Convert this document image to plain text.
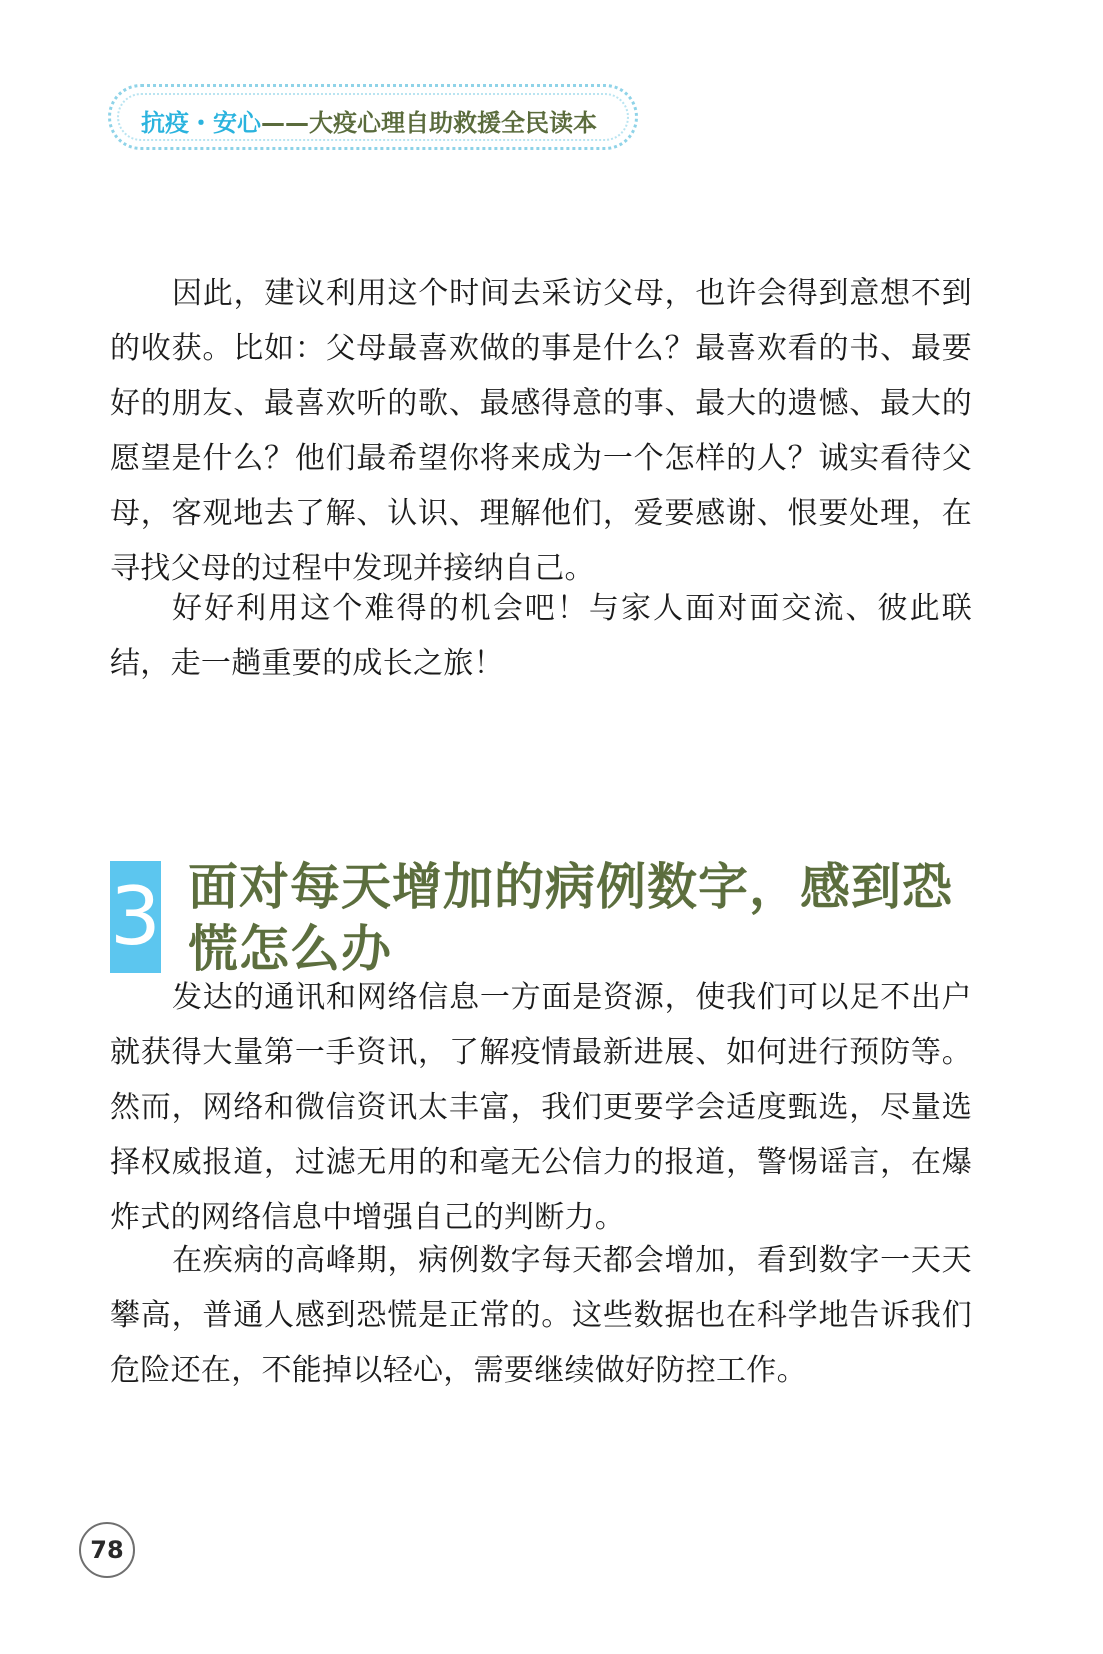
抗疫・安心——大疫心理自助救援全民读本

因此，建议利用这个时间去采访父母，也许会得到意想不到的收获。比如：父母最喜欢做的事是什么？最喜欢看的书、最要好的朋友、最喜欢听的歌、最感得意的事、最大的遗憾、最大的愿望是什么？他们最希望你将来成为一个怎样的人？诚实看待父母，客观地去了解、认识、理解他们，爱要感谢、恨要处理，在寻找父母的过程中发现并接纳自己。

好好利用这个难得的机会吧！与家人面对面交流、彼此联结，走一趟重要的成长之旅！

3 面对每天增加的病例数字，感到恐慌怎么办

发达的通讯和网络信息一方面是资源，使我们可以足不出户就获得大量第一手资讯，了解疫情最新进展、如何进行预防等。然而，网络和微信资讯太丰富，我们更要学会适度甄选，尽量选择权威报道，过滤无用的和毫无公信力的报道，警惕谣言，在爆炸式的网络信息中增强自己的判断力。

在疾病的高峰期，病例数字每天都会增加，看到数字一天天攀高，普通人感到恐慌是正常的。这些数据也在科学地告诉我们危险还在，不能掉以轻心，需要继续做好防控工作。

78
